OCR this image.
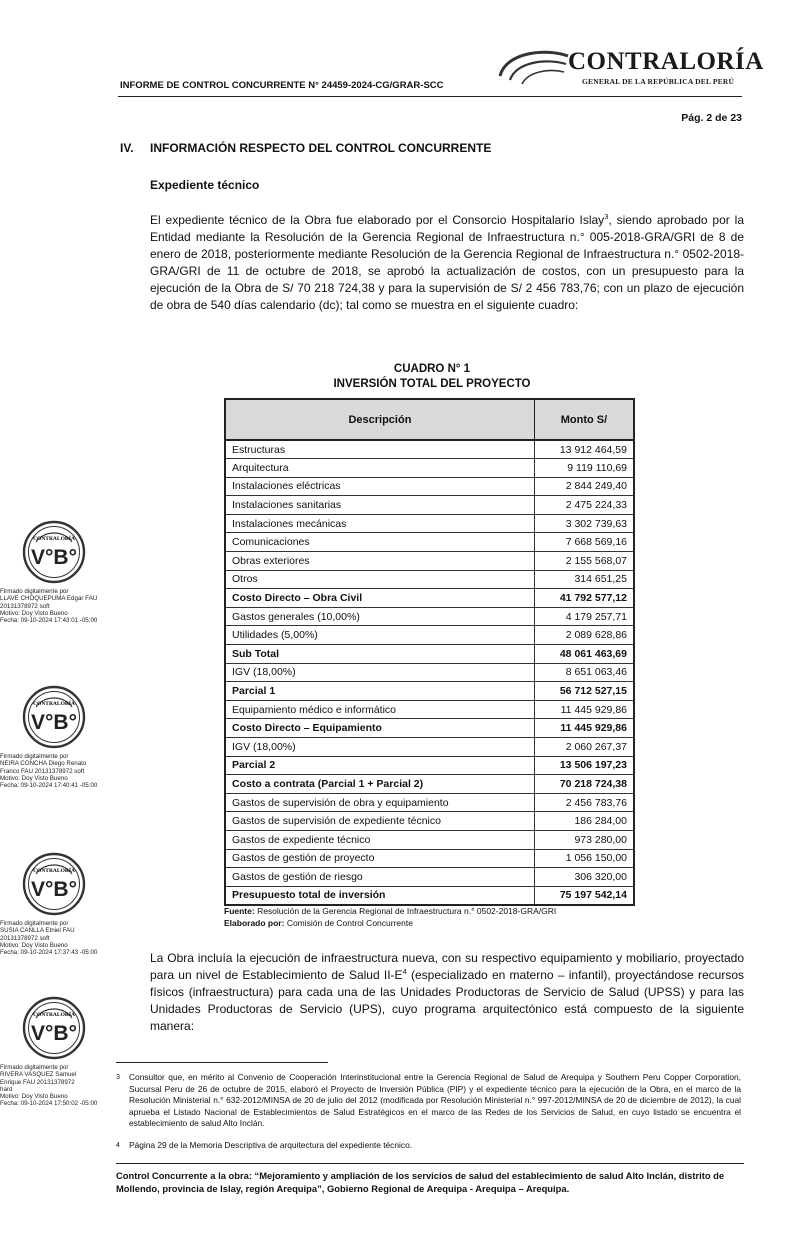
CONTRALORÍA
GENERAL DE LA REPÚBLICA DEL PERÚ
INFORME DE CONTROL CONCURRENTE N° 24459-2024-CG/GRAR-SCC
Pág. 2 de 23
IV. INFORMACIÓN RESPECTO DEL CONTROL CONCURRENTE
Expediente técnico
El expediente técnico de la Obra fue elaborado por el Consorcio Hospitalario Islay$^3$, siendo aprobado por la Entidad mediante la Resolución de la Gerencia Regional de Infraestructura n.° 005-2018-GRA/GRI de 8 de enero de 2018, posteriormente mediante Resolución de la Gerencia Regional de Infraestructura n.° 0502-2018-GRA/GRI de 11 de octubre de 2018, se aprobó la actualización de costos, con un presupuesto para la ejecución de la Obra de S/ 70 218 724,38 y para la supervisión de S/ 2 456 783,76; con un plazo de ejecución de obra de 540 días calendario (dc); tal como se muestra en el siguiente cuadro:
CUADRO N° 1
INVERSIÓN TOTAL DEL PROYECTO
Descripción	Monto S/
Estructuras	13 912 464,59
Arquitectura	9 119 110,69
Instalaciones eléctricas	2 844 249,40
Instalaciones sanitarias	2 475 224,33
Instalaciones mecánicas	3 302 739,63
Comunicaciones	7 668 569,16
Obras exteriores	2 155 568,07
Otros	314 651,25
Costo Directo – Obra Civil	41 792 577,12
Gastos generales (10,00%)	4 179 257,71
Utilidades (5,00%)	2 089 628,86
Sub Total	48 061 463,69
IGV (18,00%)	8 651 063,46
Parcial 1	56 712 527,15
Equipamiento médico e informático	11 445 929,86
Costo Directo – Equipamiento	11 445 929,86
IGV (18,00%)	2 060 267,37
Parcial 2	13 506 197,23
Costo a contrata (Parcial 1 + Parcial 2)	70 218 724,38
Gastos de supervisión de obra y equipamiento	2 456 783,76
Gastos de supervisión de expediente técnico	186 284,00
Gastos de expediente técnico	973 280,00
Gastos de gestión de proyecto	1 056 150,00
Gastos de gestión de riesgo	306 320,00
Presupuesto total de inversión	75 197 542,14
Fuente: Resolución de la Gerencia Regional de Infraestructura n.° 0502-2018-GRA/GRI
Elaborado por: Comisión de Control Concurrente
La Obra incluía la ejecución de infraestructura nueva, con su respectivo equipamiento y mobiliario, proyectado para un nivel de Establecimiento de Salud $II-E^4$ (especializado en materno – infantil), proyectándose recursos físicos (infraestructura) para cada una de las Unidades Productoras de Servicio de Salud (UPSS) y para las Unidades Productoras de Servicio (UPS), cuyo programa arquitectónico está compuesto de la siguiente manera:
3 Consultor que, en mérito al Convenio de Cooperación Interinstitucional entre la Gerencia Regional de Salud de Arequipa y Southern Peru Copper Corporation, Sucursal Peru de 26 de octubre de 2015, elaboró el Proyecto de Inversión Pública (PIP) y el expediente técnico para la ejecución de la Obra, en el marco de la Resolución Ministerial n.° 632-2012/MINSA de 20 de julio del 2012 (modificada por Resolución Ministerial n.° 997-2012/MINSA de 20 de diciembre de 2012), la cual aprueba el Listado Nacional de Establecimientos de Salud Estratégicos en el marco de las Redes de los Servicios de Salud, en cuyo listado se encuentra el establecimiento de salud Alto Inclán.
4 Página 29 de la Memoria Descriptiva de arquitectura del expediente técnico.
Control Concurrente a la obra: “Mejoramiento y ampliación de los servicios de salud del establecimiento de salud Alto Inclán, distrito de Mollendo, provincia de Islay, región Arequipa”, Gobierno Regional de Arequipa - Arequipa – Arequipa.
CONTRALORÍA
V°B°
Firmado digitalmente por
LLAVE CHOQUEPUMA Edgar FAU
20131378972 soft
Motivo: Doy Visto Bueno
Fecha: 09-10-2024 17:43:01 -05:00
CONTRALORÍA
V°B°
Firmado digitalmente por
NEIRA CONCHA Diego Renato
Franco FAU 20131378972 soft
Motivo: Doy Visto Bueno
Fecha: 09-10-2024 17:40:41 -05:00
CONTRALORÍA
V°B°
Firmado digitalmente por
SUSIA CANLLA Etniel FAU
20131378972 soft
Motivo: Doy Visto Bueno
Fecha: 09-10-2024 17:37:43 -05:00
CONTRALORÍA
V°B°
Firmado digitalmente por
RIVERA VASQUEZ Samuel
Enrique FAU 20131378972
hard
Motivo: Doy Visto Bueno
Fecha: 09-10-2024 17:50:02 -05:00
